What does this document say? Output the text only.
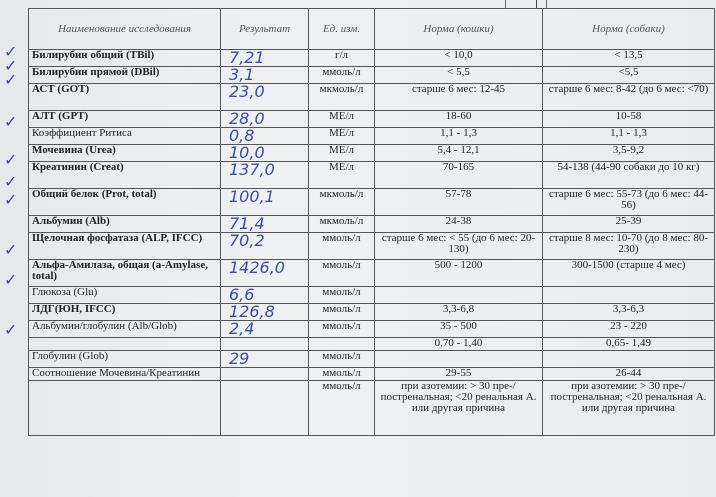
✓
✓
✓
✓
✓
✓
✓
✓
✓
✓
Наименование исследования	Результат	Ед. изм.	Норма (кошки)	Норма (собаки)
Билирубин общий (TBil)	7,21	г/л	< 10,0	< 13,5
Билирубин прямой (DBil)	3,1	ммоль/л	< 5,5	<5,5
АСТ (GOT)	23,0	мкмоль/л	старше 6 мес: 12-45	старше 6 мес: 8-42 (до 6 мес: <70)
АЛТ (GPT)	28,0	МЕ/л	18-60	10-58
Коэффициент Ритиса	0,8	МЕ/л	1,1 - 1,3	1,1 - 1,3
Мочевина (Urea)	10,0	МЕ/л	5,4 - 12,1	3,5-9,2
Креатинин (Creat)	137,0	МЕ/л	70-165	54-138 (44-90 собаки до 10 кг)
Общий белок (Prot, total)	100,1	мкмоль/л	57-78	старше 6 мес: 55-73 (до 6 мес: 44- 56)
Альбумин (Alb)	71,4	мкмоль/л	24-38	25-39
Щелочная фосфатаза (ALP, IFCC)	70,2	ммоль/л	старше 6 мес: < 55 (до 6 мес: 20-130)	старше 8 мес: 10-70 (до 8 мес: 80-230)
Альфа-Амилаза, общая (a-Amylase, total)	1426,0	ммоль/л	500 - 1200	300-1500 (старше 4 мес)
Глюкоза (Glu)	6,6	ммоль/л		
ЛДГ(ЮН, IFCC)	126,8	ммоль/л	3,3-6,8	3,3-6,3
Альбумин/глобулин (Alb/Glob)	2,4	ммоль/л	35 - 500	23 - 220
			0,70 - 1,40	0,65- 1,49
Глобулин (Glob)	29	ммоль/л		
Соотношение Мочевина/Креатинин		ммоль/л	29-55	26-44
		ммоль/л	при азотемии: > 30 пре-/постренальная; <20 ренальная А. или другая причина	при азотемии: > 30 пре-/постренальная; <20 ренальная А. или другая причина
